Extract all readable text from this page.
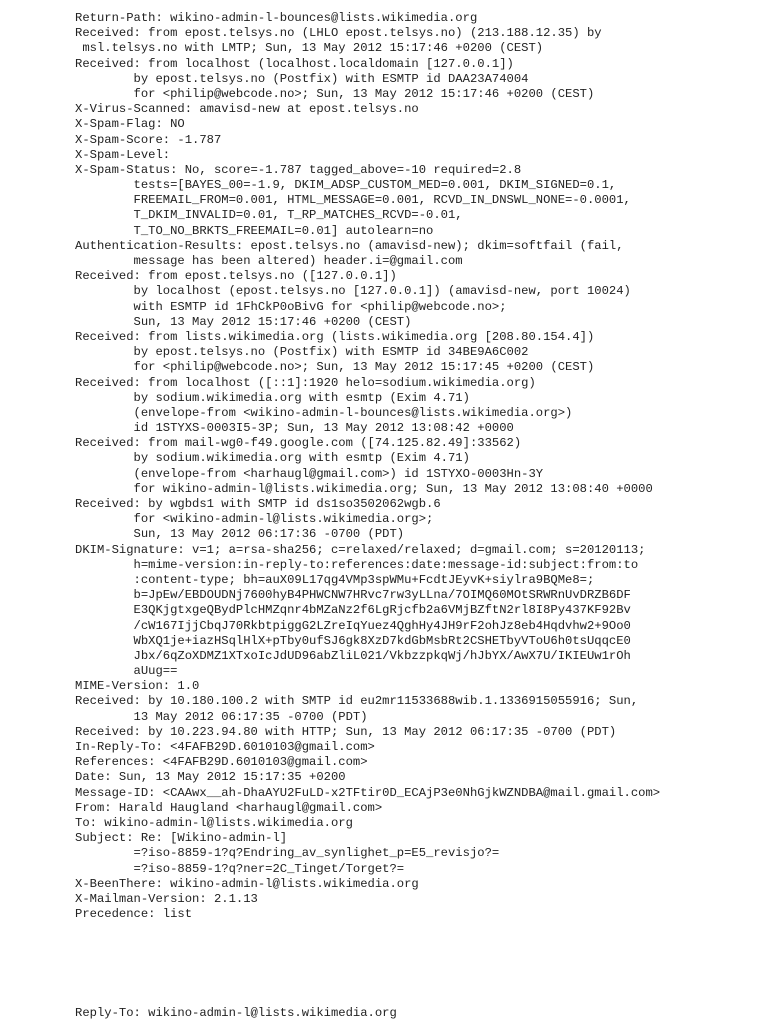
Return-Path: wikino-admin-l-bounces@lists.wikimedia.org
Received: from epost.telsys.no (LHLO epost.telsys.no) (213.188.12.35) by
msl.telsys.no with LMTP; Sun, 13 May 2012 15:17:46 +0200 (CEST)
Received: from localhost (localhost.localdomain [127.0.0.1])
by epost.telsys.no (Postfix) with ESMTP id DAA23A74004
for <philip@webcode.no>; Sun, 13 May 2012 15:17:46 +0200 (CEST)
X-Virus-Scanned: amavisd-new at epost.telsys.no
X-Spam-Flag: NO
X-Spam-Score: -1.787
X-Spam-Level:
X-Spam-Status: No, score=-1.787 tagged_above=-10 required=2.8
tests=[BAYES_00=-1.9, DKIM_ADSP_CUSTOM_MED=0.001, DKIM_SIGNED=0.1,
FREEMAIL_FROM=0.001, HTML_MESSAGE=0.001, RCVD_IN_DNSWL_NONE=-0.0001,
T_DKIM_INVALID=0.01, T_RP_MATCHES_RCVD=-0.01,
T_TO_NO_BRKTS_FREEMAIL=0.01] autolearn=no
Authentication-Results: epost.telsys.no (amavisd-new); dkim=softfail (fail,
message has been altered) header.i=@gmail.com
Received: from epost.telsys.no ([127.0.0.1])
by localhost (epost.telsys.no [127.0.0.1]) (amavisd-new, port 10024)
with ESMTP id 1FhCkP0oBivG for <philip@webcode.no>;
Sun, 13 May 2012 15:17:46 +0200 (CEST)
Received: from lists.wikimedia.org (lists.wikimedia.org [208.80.154.4])
by epost.telsys.no (Postfix) with ESMTP id 34BE9A6C002
for <philip@webcode.no>; Sun, 13 May 2012 15:17:45 +0200 (CEST)
Received: from localhost ([::1]:1920 helo=sodium.wikimedia.org)
by sodium.wikimedia.org with esmtp (Exim 4.71)
(envelope-from <wikino-admin-l-bounces@lists.wikimedia.org>)
id 1STYXS-0003I5-3P; Sun, 13 May 2012 13:08:42 +0000
Received: from mail-wg0-f49.google.com ([74.125.82.49]:33562)
by sodium.wikimedia.org with esmtp (Exim 4.71)
(envelope-from <harhaugl@gmail.com>) id 1STYXO-0003Hn-3Y
for wikino-admin-l@lists.wikimedia.org; Sun, 13 May 2012 13:08:40 +0000
Received: by wgbds1 with SMTP id ds1so3502062wgb.6
for <wikino-admin-l@lists.wikimedia.org>;
Sun, 13 May 2012 06:17:36 -0700 (PDT)
DKIM-Signature: v=1; a=rsa-sha256; c=relaxed/relaxed; d=gmail.com; s=20120113;
h=mime-version:in-reply-to:references:date:message-id:subject:from:to
:content-type; bh=auX09L17qg4VMp3spWMu+FcdtJEyvK+siylra9BQMe8=;
b=JpEw/EBDOUDNj7600hyB4PHWCNW7HRvc7rw3yLLna/7OIMQ60MOtSRWRnUvDRZB6DF
E3QKjgtxgeQBydPlcHMZqnr4bMZaNz2f6LgRjcfb2a6VMjBZftN2rl8I8Py437KF92Bv
/cW167IjjCbqJ70RkbtpiggG2LZreIqYuez4QghHy4JH9rF2ohJz8eb4Hqdvhw2+9Oo0
WbXQ1je+iazHSqlHlX+pTby0ufSJ6gk8XzD7kdGbMsbRt2CSHETbyVToU6h0tsUqqcE0
Jbx/6qZoXDMZ1XTxoIcJdUD96abZliL021/VkbzzpkqWj/hJbYX/AwX7U/IKIEUw1rOh
aUug==
MIME-Version: 1.0
Received: by 10.180.100.2 with SMTP id eu2mr11533688wib.1.1336915055916; Sun,
13 May 2012 06:17:35 -0700 (PDT)
Received: by 10.223.94.80 with HTTP; Sun, 13 May 2012 06:17:35 -0700 (PDT)
In-Reply-To: <4FAFB29D.6010103@gmail.com>
References: <4FAFB29D.6010103@gmail.com>
Date: Sun, 13 May 2012 15:17:35 +0200
Message-ID: <CAAwx__ah-DhaAYU2FuLD-x2TFtir0D_ECAjP3e0NhGjkWZNDBA@mail.gmail.com>
From: Harald Haugland <harhaugl@gmail.com>
To: wikino-admin-l@lists.wikimedia.org
Subject: Re: [Wikino-admin-l]
=?iso-8859-1?q?Endring_av_synlighet_p=E5_revisjo?=
=?iso-8859-1?q?ner=2C_Tinget/Torget?=
X-BeenThere: wikino-admin-l@lists.wikimedia.org
X-Mailman-Version: 2.1.13
Precedence: list
Reply-To: wikino-admin-l@lists.wikimedia.org
